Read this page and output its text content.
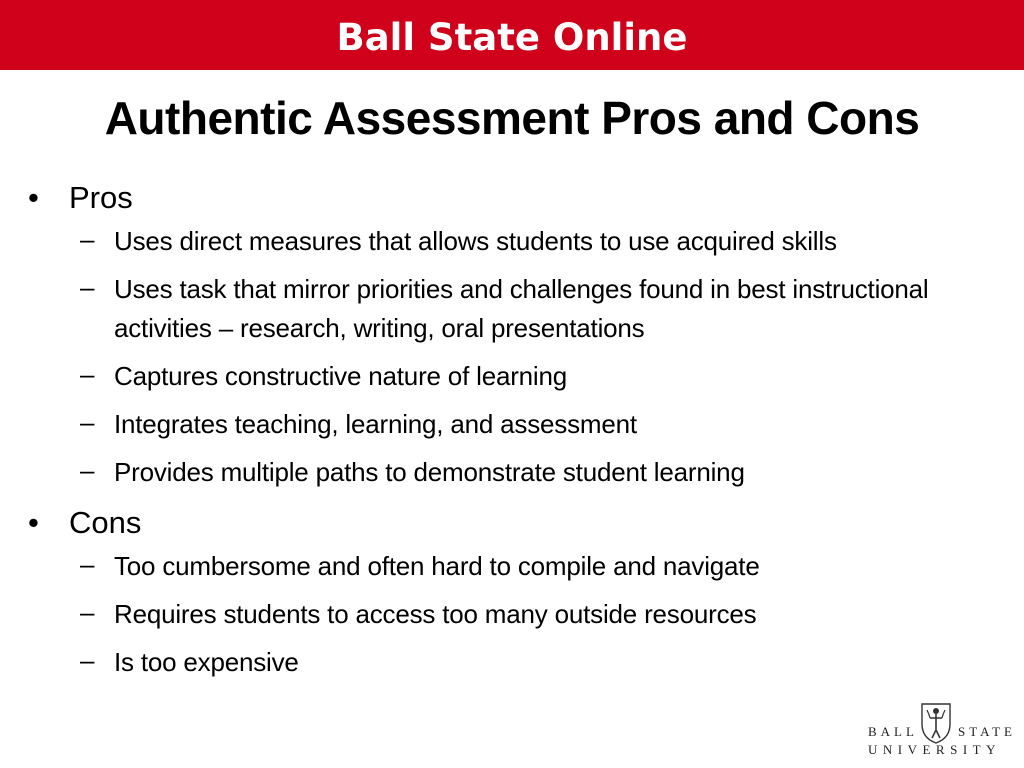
Ball State Online
Authentic Assessment Pros and Cons
• Pros
– Uses direct measures that allows students to use acquired skills
– Uses task that mirror priorities and challenges found in best instructional activities – research, writing, oral presentations
– Captures constructive nature of learning
– Integrates teaching, learning, and assessment
– Provides multiple paths to demonstrate student learning
• Cons
– Too cumbersome and often hard to compile and navigate
– Requires students to access too many outside resources
– Is too expensive
BALL	STATE
UNIVERSITY
